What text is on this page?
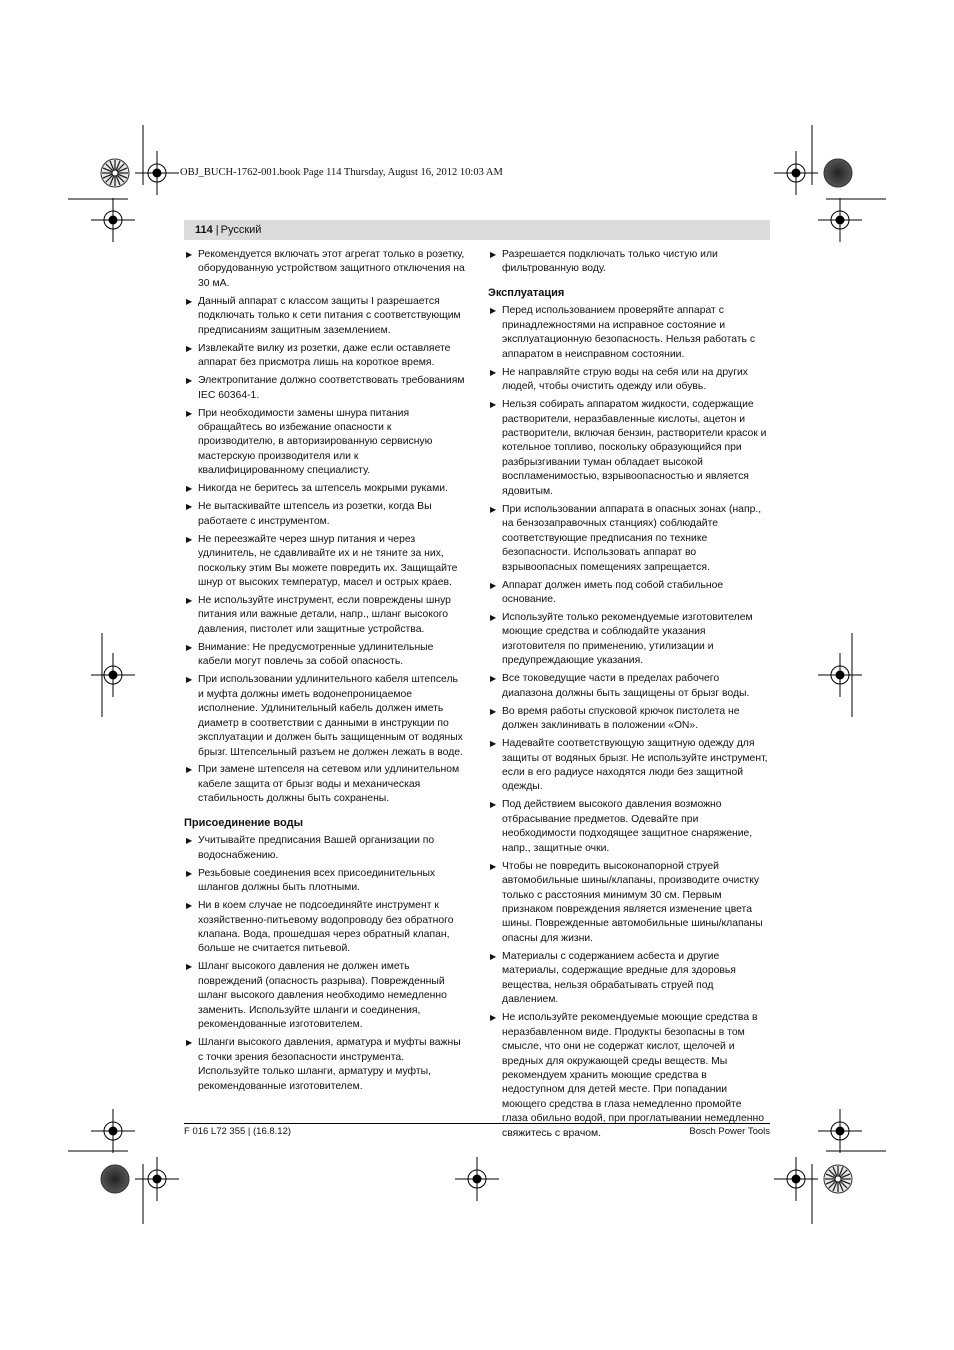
OBJ_BUCH-1762-001.book Page 114 Thursday, August 16, 2012 10:03 AM
114 | Русский
▶ Рекомендуется включать этот агрегат только в розетку, оборудованную устройством защитного отключения на 30 мА.
▶ Данный аппарат с классом защиты I разрешается подключать только к сети питания с соответствующим предписаниям защитным заземлением.
▶ Извлекайте вилку из розетки, даже если оставляете аппарат без присмотра лишь на короткое время.
▶ Электропитание должно соответствовать требованиям IEC 60364-1.
▶ При необходимости замены шнура питания обращайтесь во избежание опасности к производителю, в авторизированную сервисную мастерскую производителя или к квалифицированному специалисту.
▶ Никогда не беритесь за штепсель мокрыми руками.
▶ Не вытаскивайте штепсель из розетки, когда Вы работаете с инструментом.
▶ Не переезжайте через шнур питания и через удлинитель, не сдавливайте их и не тяните за них, поскольку этим Вы можете повредить их. Защищайте шнур от высоких температур, масел и острых краев.
▶ Не используйте инструмент, если повреждены шнур питания или важные детали, напр., шланг высокого давления, пистолет или защитные устройства.
▶ Внимание: Не предусмотренные удлинительные кабели могут повлечь за собой опасность.
▶ При использовании удлинительного кабеля штепсель и муфта должны иметь водонепроницаемое исполнение. Удлинительный кабель должен иметь диаметр в соответствии с данными в инструкции по эксплуатации и должен быть защищенным от водяных брызг. Штепсельный разъем не должен лежать в воде.
▶ При замене штепселя на сетевом или удлинительном кабеле защита от брызг воды и механическая стабильность должны быть сохранены.
Присоединение воды
▶ Учитывайте предписания Вашей организации по водоснабжению.
▶ Резьбовые соединения всех присоединительных шлангов должны быть плотными.
▶ Ни в коем случае не подсоединяйте инструмент к хозяйственно-питьевому водопроводу без обратного клапана. Вода, прошедшая через обратный клапан, больше не считается питьевой.
▶ Шланг высокого давления не должен иметь повреждений (опасность разрыва). Поврежденный шланг высокого давления необходимо немедленно заменить. Используйте шланги и соединения, рекомендованные изготовителем.
▶ Шланги высокого давления, арматура и муфты важны с точки зрения безопасности инструмента. Используйте только шланги, арматуру и муфты, рекомендованные изготовителем.
▶ Разрешается подключать только чистую или фильтрованную воду.
Эксплуатация
▶ Перед использованием проверяйте аппарат с принадлежностями на исправное состояние и эксплуатационную безопасность. Нельзя работать с аппаратом в неисправном состоянии.
▶ Не направляйте струю воды на себя или на других людей, чтобы очистить одежду или обувь.
▶ Нельзя собирать аппаратом жидкости, содержащие растворители, неразбавленные кислоты, ацетон и растворители, включая бензин, растворители красок и котельное топливо, поскольку образующийся при разбрызгивании туман обладает высокой воспламенимостью, взрывоопасностью и является ядовитым.
▶ При использовании аппарата в опасных зонах (напр., на бензозаправочных станциях) соблюдайте соответствующие предписания по технике безопасности. Использовать аппарат во взрывоопасных помещениях запрещается.
▶ Аппарат должен иметь под собой стабильное основание.
▶ Используйте только рекомендуемые изготовителем моющие средства и соблюдайте указания изготовителя по применению, утилизации и предупреждающие указания.
▶ Все токоведущие части в пределах рабочего диапазона должны быть защищены от брызг воды.
▶ Во время работы спусковой крючок пистолета не должен заклинивать в положении «ON».
▶ Надевайте соответствующую защитную одежду для защиты от водяных брызг. Не используйте инструмент, если в его радиусе находятся люди без защитной одежды.
▶ Под действием высокого давления возможно отбрасывание предметов. Одевайте при необходимости подходящее защитное снаряжение, напр., защитные очки.
▶ Чтобы не повредить высоконапорной струей автомобильные шины/клапаны, производите очистку только с расстояния минимум 30 см. Первым признаком повреждения является изменение цвета шины. Поврежденные автомобильные шины/клапаны опасны для жизни.
▶ Материалы с содержанием асбеста и другие материалы, содержащие вредные для здоровья вещества, нельзя обрабатывать струей под давлением.
▶ Не используйте рекомендуемые моющие средства в неразбавленном виде. Продукты безопасны в том смысле, что они не содержат кислот, щелочей и вредных для окружающей среды веществ. Мы рекомендуем хранить моющие средства в недоступном для детей месте. При попадании моющего средства в глаза немедленно промойте глаза обильно водой, при проглатывании немедленно свяжитесь с врачом.
F 016 L72 355 | (16.8.12)	Bosch Power Tools
